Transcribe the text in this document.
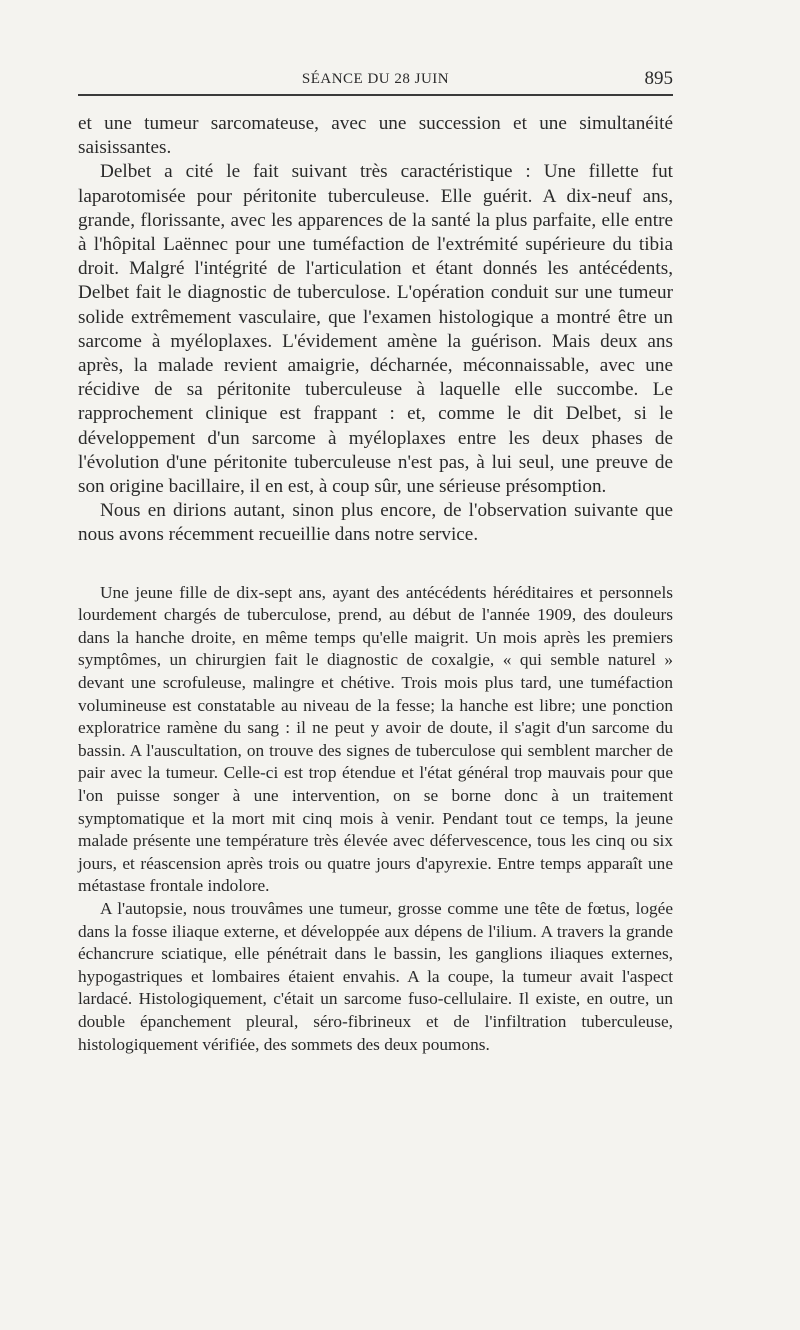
SÉANCE DU 28 JUIN	895

et une tumeur sarcomateuse, avec une succession et une simultanéité saisissantes.

Delbet a cité le fait suivant très caractéristique : Une fillette fut laparotomisée pour péritonite tuberculeuse. Elle guérit. A dix-neuf ans, grande, florissante, avec les apparences de la santé la plus parfaite, elle entre à l'hôpital Laënnec pour une tuméfaction de l'extrémité supérieure du tibia droit. Malgré l'intégrité de l'articulation et étant donnés les antécédents, Delbet fait le diagnostic de tuberculose. L'opération conduit sur une tumeur solide extrêmement vasculaire, que l'examen histologique a montré être un sarcome à myéloplaxes. L'évidement amène la guérison. Mais deux ans après, la malade revient amaigrie, décharnée, méconnaissable, avec une récidive de sa péritonite tuberculeuse à laquelle elle succombe. Le rapprochement clinique est frappant : et, comme le dit Delbet, si le développement d'un sarcome à myéloplaxes entre les deux phases de l'évolution d'une péritonite tuberculeuse n'est pas, à lui seul, une preuve de son origine bacillaire, il en est, à coup sûr, une sérieuse présomption.

Nous en dirions autant, sinon plus encore, de l'observation suivante que nous avons récemment recueillie dans notre service.

Une jeune fille de dix-sept ans, ayant des antécédents héréditaires et personnels lourdement chargés de tuberculose, prend, au début de l'année 1909, des douleurs dans la hanche droite, en même temps qu'elle maigrit. Un mois après les premiers symptômes, un chirurgien fait le diagnostic de coxalgie, « qui semble naturel » devant une scrofuleuse, malingre et chétive. Trois mois plus tard, une tuméfaction volumineuse est constatable au niveau de la fesse; la hanche est libre; une ponction exploratrice ramène du sang : il ne peut y avoir de doute, il s'agit d'un sarcome du bassin. A l'auscultation, on trouve des signes de tuberculose qui semblent marcher de pair avec la tumeur. Celle-ci est trop étendue et l'état général trop mauvais pour que l'on puisse songer à une intervention, on se borne donc à un traitement symptomatique et la mort mit cinq mois à venir. Pendant tout ce temps, la jeune malade présente une température très élevée avec défervescence, tous les cinq ou six jours, et réascension après trois ou quatre jours d'apyrexie. Entre temps apparaît une métastase frontale indolore.

A l'autopsie, nous trouvâmes une tumeur, grosse comme une tête de fœtus, logée dans la fosse iliaque externe, et développée aux dépens de l'ilium. A travers la grande échancrure sciatique, elle pénétrait dans le bassin, les ganglions iliaques externes, hypogastriques et lombaires étaient envahis. A la coupe, la tumeur avait l'aspect lardacé. Histologiquement, c'était un sarcome fuso-cellulaire. Il existe, en outre, un double épanchement pleural, séro-fibrineux et de l'infiltration tuberculeuse, histologiquement vérifiée, des sommets des deux poumons.
